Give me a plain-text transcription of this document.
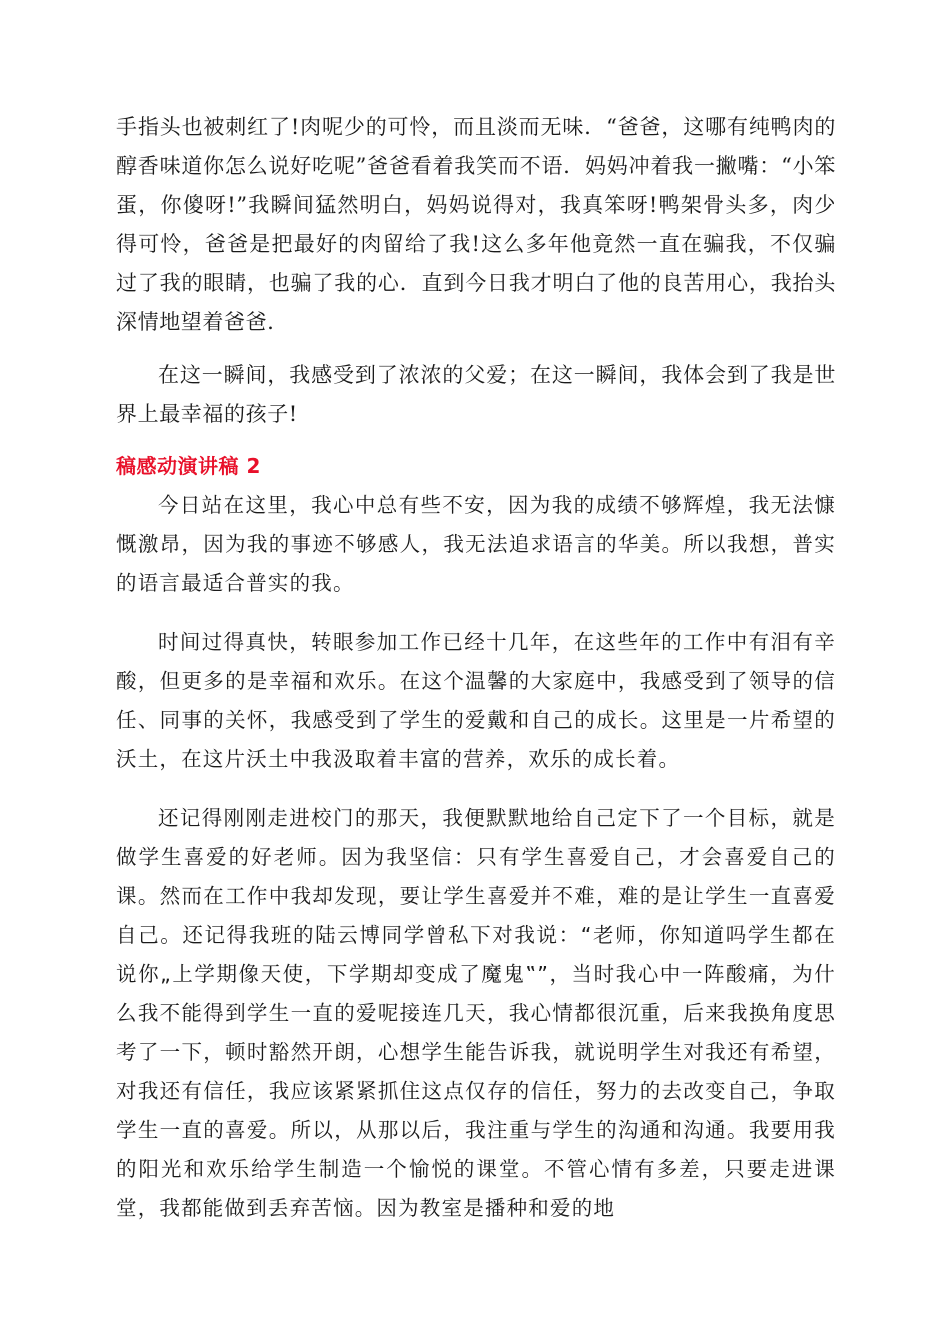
手指头也被刺红了!肉呢少的可怜，而且淡而无味．“爸爸，这哪有纯鸭肉的醇香味道你怎么说好吃呢”爸爸看着我笑而不语．妈妈冲着我一撇嘴：“小笨蛋，你傻呀!”我瞬间猛然明白，妈妈说得对，我真笨呀!鸭架骨头多，肉少得可怜，爸爸是把最好的肉留给了我!这么多年他竟然一直在骗我，不仅骗过了我的眼睛，也骗了我的心．直到今日我才明白了他的良苦用心，我抬头深情地望着爸爸．

在这一瞬间，我感受到了浓浓的父爱；在这一瞬间，我体会到了我是世界上最幸福的孩子!

稿感动演讲稿 2

今日站在这里，我心中总有些不安，因为我的成绩不够辉煌，我无法慷慨激昂，因为我的事迹不够感人，我无法追求语言的华美。所以我想，普实的语言最适合普实的我。

时间过得真快，转眼参加工作已经十几年，在这些年的工作中有泪有辛酸，但更多的是幸福和欢乐。在这个温馨的大家庭中，我感受到了领导的信任、同事的关怀，我感受到了学生的爱戴和自己的成长。这里是一片希望的沃土，在这片沃土中我汲取着丰富的营养，欢乐的成长着。

还记得刚刚走进校门的那天，我便默默地给自己定下了一个目标，就是做学生喜爱的好老师。因为我坚信：只有学生喜爱自己，才会喜爱自己的课。然而在工作中我却发现，要让学生喜爱并不难，难的是让学生一直喜爱自己。还记得我班的陆云博同学曾私下对我说：“老师，你知道吗学生都在说你„上学期像天使，下学期却变成了魔鬼‟”，当时我心中一阵酸痛，为什么我不能得到学生一直的爱呢接连几天，我心情都很沉重，后来我换角度思考了一下，顿时豁然开朗，心想学生能告诉我，就说明学生对我还有希望，对我还有信任，我应该紧紧抓住这点仅存的信任，努力的去改变自己，争取学生一直的喜爱。所以，从那以后，我注重与学生的沟通和沟通。我要用我的阳光和欢乐给学生制造一个愉悦的课堂。不管心情有多差，只要走进课堂，我都能做到丢弃苦恼。因为教室是播种和爱的地
